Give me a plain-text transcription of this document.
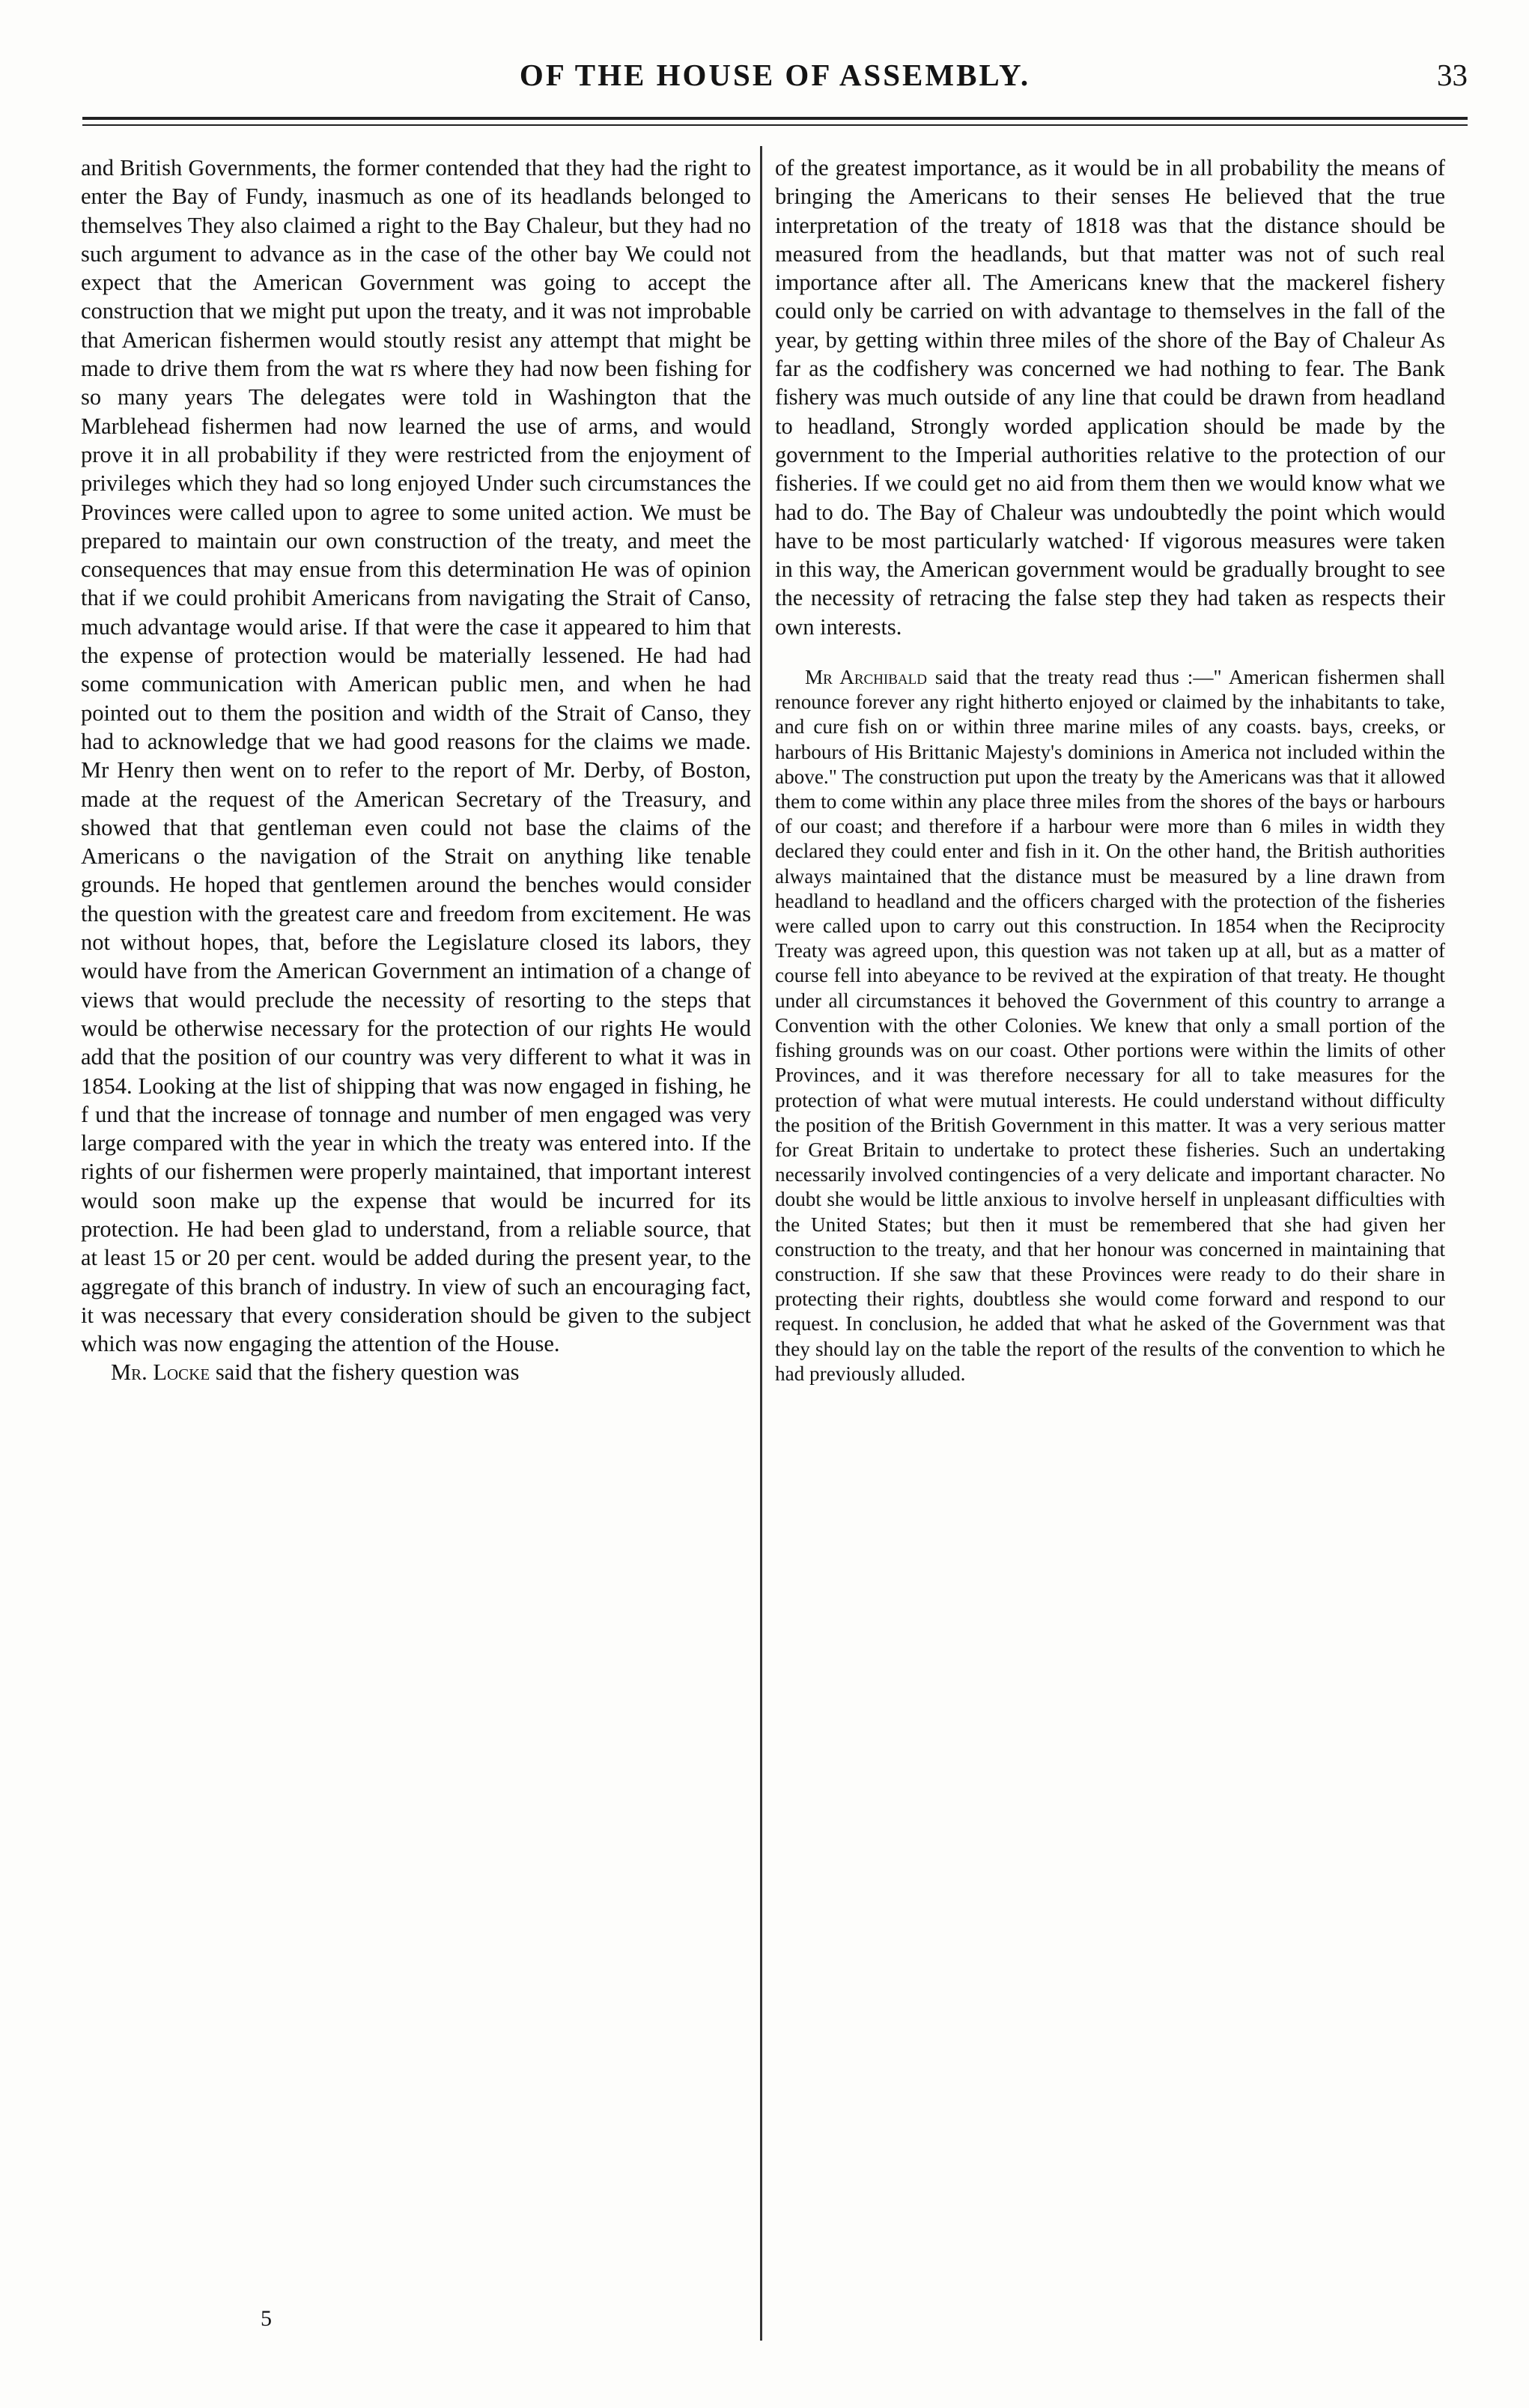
OF THE HOUSE OF ASSEMBLY.	33

and British Governments, the former contended that they had the right to enter the Bay of Fundy, inasmuch as one of its headlands belonged to themselves They also claimed a right to the Bay Chaleur, but they had no such argument to advance as in the case of the other bay We could not expect that the American Government was going to accept the construction that we might put upon the treaty, and it was not improbable that American fishermen would stoutly resist any attempt that might be made to drive them from the wat rs where they had now been fishing for so many years The delegates were told in Washington that the Marblehead fishermen had now learned the use of arms, and would prove it in all probability if they were restricted from the enjoyment of privileges which they had so long enjoyed Under such circumstances the Provinces were called upon to agree to some united action. We must be prepared to maintain our own construction of the treaty, and meet the consequences that may ensue from this determination He was of opinion that if we could prohibit Americans from navigating the Strait of Canso, much advantage would arise. If that were the case it appeared to him that the expense of protection would be materially lessened. He had had some communication with American public men, and when he had pointed out to them the position and width of the Strait of Canso, they had to acknowledge that we had good reasons for the claims we made. Mr Henry then went on to refer to the report of Mr. Derby, of Boston, made at the request of the American Secretary of the Treasury, and showed that that gentleman even could not base the claims of the Americans o the navigation of the Strait on anything like tenable grounds. He hoped that gentlemen around the benches would consider the question with the greatest care and freedom from excitement. He was not without hopes, that, before the Legislature closed its labors, they would have from the American Government an intimation of a change of views that would preclude the necessity of resorting to the steps that would be otherwise necessary for the protection of our rights He would add that the position of our country was very different to what it was in 1854. Looking at the list of shipping that was now engaged in fishing, he f und that the increase of tonnage and number of men engaged was very large compared with the year in which the treaty was entered into. If the rights of our fishermen were properly maintained, that important interest would soon make up the expense that would be incurred for its protection. He had been glad to understand, from a reliable source, that at least 15 or 20 per cent. would be added during the present year, to the aggregate of this branch of industry. In view of such an encouraging fact, it was necessary that every consideration should be given to the subject which was now engaging the attention of the House.

Mr. Locke said that the fishery question was

of the greatest importance, as it would be in all probability the means of bringing the Americans to their senses He believed that the true interpretation of the treaty of 1818 was that the distance should be measured from the headlands, but that matter was not of such real importance after all. The Americans knew that the mackerel fishery could only be carried on with advantage to themselves in the fall of the year, by getting within three miles of the shore of the Bay of Chaleur As far as the codfishery was concerned we had nothing to fear. The Bank fishery was much outside of any line that could be drawn from headland to headland, Strongly worded application should be made by the government to the Imperial authorities relative to the protection of our fisheries. If we could get no aid from them then we would know what we had to do. The Bay of Chaleur was undoubtedly the point which would have to be most particularly watched· If vigorous measures were taken in this way, the American government would be gradually brought to see the necessity of retracing the false step they had taken as respects their own interests.

Mr Archibald said that the treaty read thus :—" American fishermen shall renounce forever any right hitherto enjoyed or claimed by the inhabitants to take, and cure fish on or within three marine miles of any coasts. bays, creeks, or harbours of His Brittanic Majesty's dominions in America not included within the above." The construction put upon the treaty by the Americans was that it allowed them to come within any place three miles from the shores of the bays or harbours of our coast; and therefore if a harbour were more than 6 miles in width they declared they could enter and fish in it. On the other hand, the British authorities always maintained that the distance must be measured by a line drawn from headland to headland and the officers charged with the protection of the fisheries were called upon to carry out this construction. In 1854 when the Reciprocity Treaty was agreed upon, this question was not taken up at all, but as a matter of course fell into abeyance to be revived at the expiration of that treaty. He thought under all circumstances it behoved the Government of this country to arrange a Convention with the other Colonies. We knew that only a small portion of the fishing grounds was on our coast. Other portions were within the limits of other Provinces, and it was therefore necessary for all to take measures for the protection of what were mutual interests. He could understand without difficulty the position of the British Government in this matter. It was a very serious matter for Great Britain to undertake to protect these fisheries. Such an undertaking necessarily involved contingencies of a very delicate and important character. No doubt she would be little anxious to involve herself in unpleasant difficulties with the United States; but then it must be remembered that she had given her construction to the treaty, and that her honour was concerned in maintaining that construction. If she saw that these Provinces were ready to do their share in protecting their rights, doubtless she would come forward and respond to our request. In conclusion, he added that what he asked of the Government was that they should lay on the table the report of the results of the convention to which he had previously alluded.

5
